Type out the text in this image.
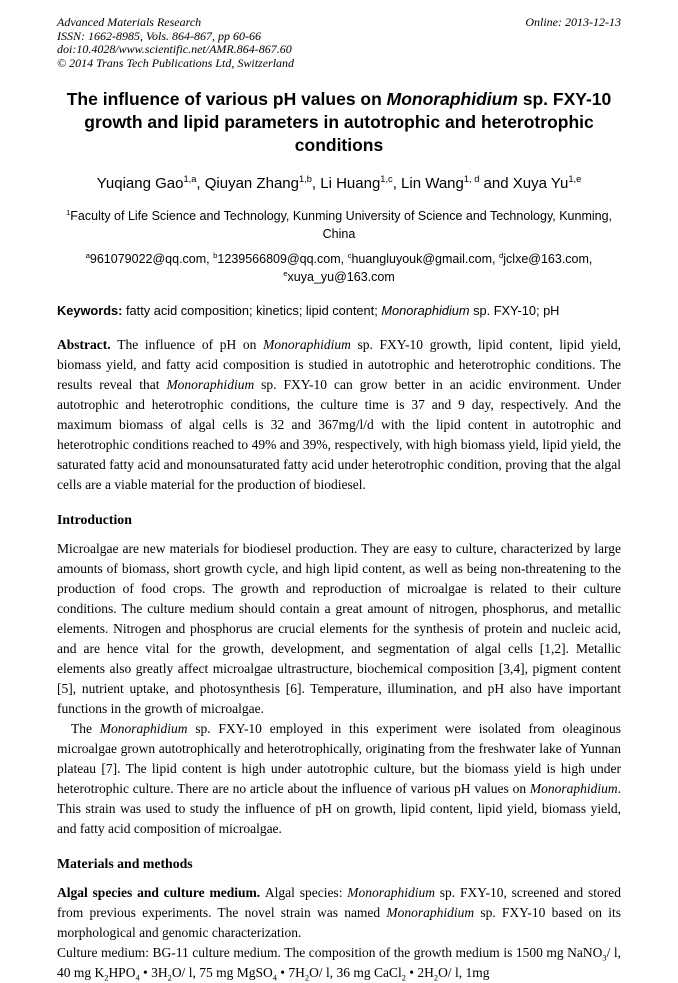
Advanced Materials Research
ISSN: 1662-8985, Vols. 864-867, pp 60-66
doi:10.4028/www.scientific.net/AMR.864-867.60
© 2014 Trans Tech Publications Ltd, Switzerland
Online: 2013-12-13
The influence of various pH values on Monoraphidium sp. FXY-10
growth and lipid parameters in autotrophic and heterotrophic conditions
Yuqiang Gao$^{1,a}$, Qiuyan Zhang$^{1,b}$, Li Huang$^{1,c}$, Lin Wang$^{1, d}$ and Xuya Yu$^{1,e}$
$^1$Faculty of Life Science and Technology, Kunming University of Science and Technology, Kunming,
China
$^a$961079022@qq.com, $^b$1239566809@qq.com, $^c$huangluyouk@gmail.com, $^d$jclxe@163.com,
$^e$xuya_yu@163.com
Keywords: fatty acid composition; kinetics; lipid content; Monoraphidium sp. FXY-10; pH

Abstract. The influence of pH on Monoraphidium sp. FXY-10 growth, lipid content, lipid yield, biomass yield, and fatty acid composition is studied in autotrophic and heterotrophic conditions. The results reveal that Monoraphidium sp. FXY-10 can grow better in an acidic environment. Under autotrophic and heterotrophic conditions, the culture time is 37 and 9 day, respectively. And the maximum biomass of algal cells is 32 and 367mg/l/d with the lipid content in autotrophic and heterotrophic conditions reached to 49% and 39%, respectively, with high biomass yield, lipid yield, the saturated fatty acid and monounsaturated fatty acid under heterotrophic condition, proving that the algal cells are a viable material for the production of biodiesel.

Introduction

Microalgae are new materials for biodiesel production. They are easy to culture, characterized by large amounts of biomass, short growth cycle, and high lipid content, as well as being non-threatening to the production of food crops. The growth and reproduction of microalgae is related to their culture conditions. The culture medium should contain a great amount of nitrogen, phosphorus, and metallic elements. Nitrogen and phosphorus are crucial elements for the synthesis of protein and nucleic acid, and are hence vital for the growth, development, and segmentation of algal cells [1,2]. Metallic elements also greatly affect microalgae ultrastructure, biochemical composition [3,4], pigment content [5], nutrient uptake, and photosynthesis [6]. Temperature, illumination, and pH also have important functions in the growth of microalgae.

The Monoraphidium sp. FXY-10 employed in this experiment were isolated from oleaginous microalgae grown autotrophically and heterotrophically, originating from the freshwater lake of Yunnan plateau [7]. The lipid content is high under autotrophic culture, but the biomass yield is high under heterotrophic culture. There are no article about the influence of various pH values on Monoraphidium. This strain was used to study the influence of pH on growth, lipid content, lipid yield, biomass yield, and fatty acid composition of microalgae.

Materials and methods

Algal species and culture medium. Algal species: Monoraphidium sp. FXY-10, screened and stored from previous experiments. The novel strain was named Monoraphidium sp. FXY-10 based on its morphological and genomic characterization.

Culture medium: BG-11 culture medium. The composition of the growth medium is 1500 mg NaNO$_3$/ l, 40 mg $K_2HPO_4$ • $3H_2O/$ l, 75 mg MgSO$_4$ • $7H_2O/$ l, 36 mg CaCl$_2$ • $2H_2O/$ l, 1mg
